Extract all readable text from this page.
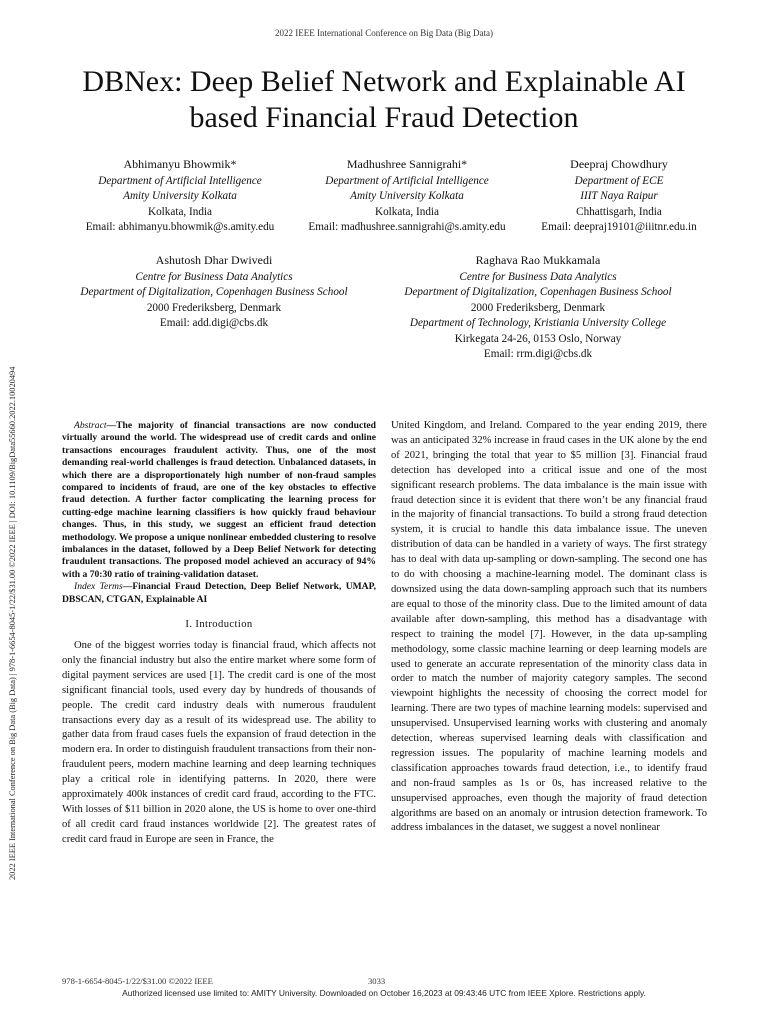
2022 IEEE International Conference on Big Data (Big Data)
2022 IEEE International Conference on Big Data (Big Data) | 978-1-6654-8045-1/22/$31.00 ©2022 IEEE | DOI: 10.1109/BigData55660.2022.10020494
DBNex: Deep Belief Network and Explainable AI
based Financial Fraud Detection
Abhimanyu Bhowmik*
Department of Artificial Intelligence
Amity University Kolkata
Kolkata, India
Email: abhimanyu.bhowmik@s.amity.edu
Madhushree Sannigrahi*
Department of Artificial Intelligence
Amity University Kolkata
Kolkata, India
Email: madhushree.sannigrahi@s.amity.edu
Deepraj Chowdhury
Department of ECE
IIIT Naya Raipur
Chhattisgarh, India
Email: deepraj19101@iiitnr.edu.in
Ashutosh Dhar Dwivedi
Centre for Business Data Analytics
Department of Digitalization, Copenhagen Business School
2000 Frederiksberg, Denmark
Email: add.digi@cbs.dk
Raghava Rao Mukkamala
Centre for Business Data Analytics
Department of Digitalization, Copenhagen Business School
2000 Frederiksberg, Denmark
Department of Technology, Kristiania University College
Kirkegata 24-26, 0153 Oslo, Norway
Email: rrm.digi@cbs.dk

Abstract—The majority of financial transactions are now conducted virtually around the world. The widespread use of credit cards and online transactions encourages fraudulent activity. Thus, one of the most demanding real-world challenges is fraud detection. Unbalanced datasets, in which there are a disproportionately high number of non-fraud samples compared to incidents of fraud, are one of the key obstacles to effective fraud detection. A further factor complicating the learning process for cutting-edge machine learning classifiers is how quickly fraud behaviour changes. Thus, in this study, we suggest an efficient fraud detection methodology. We propose a unique nonlinear embedded clustering to resolve imbalances in the dataset, followed by a Deep Belief Network for detecting fraudulent transactions. The proposed model achieved an accuracy of 94% with a 70:30 ratio of training-validation dataset.

Index Terms—Financial Fraud Detection, Deep Belief Network, UMAP, DBSCAN, CTGAN, Explainable AI

I. Introduction

One of the biggest worries today is financial fraud, which affects not only the financial industry but also the entire market where some form of digital payment services are used [1]. The credit card is one of the most significant financial tools, used every day by hundreds of thousands of people. The credit card industry deals with numerous fraudulent transactions every day as a result of its widespread use. The ability to gather data from fraud cases fuels the expansion of fraud detection in the modern era. In order to distinguish fraudulent transactions from their non-fraudulent peers, modern machine learning and deep learning techniques play a critical role in identifying patterns. In 2020, there were approximately 400k instances of credit card fraud, according to the FTC. With losses of $11 billion in 2020 alone, the US is home to over one-third of all credit card fraud instances worldwide [2]. The greatest rates of credit card fraud in Europe are seen in France, the

United Kingdom, and Ireland. Compared to the year ending 2019, there was an anticipated 32% increase in fraud cases in the UK alone by the end of 2021, bringing the total that year to $5 million [3]. Financial fraud detection has developed into a critical issue and one of the most significant research problems. The data imbalance is the main issue with fraud detection since it is evident that there won’t be any financial fraud in the majority of financial transactions. To build a strong fraud detection system, it is crucial to handle this data imbalance issue. The uneven distribution of data can be handled in a variety of ways. The first strategy has to deal with data up-sampling or down-sampling. The second one has to do with choosing a machine-learning model. The dominant class is downsized using the data down-sampling approach such that its numbers are equal to those of the minority class. Due to the limited amount of data available after down-sampling, this method has a disadvantage with respect to training the model [7]. However, in the data up-sampling methodology, some classic machine learning or deep learning models are used to generate an accurate representation of the minority class data in order to match the number of majority category samples. The second viewpoint highlights the necessity of choosing the correct model for learning. There are two types of machine learning models: supervised and unsupervised. Unsupervised learning works with clustering and anomaly detection, whereas supervised learning deals with classification and regression issues. The popularity of machine learning models and classification approaches towards fraud detection, i.e., to identify fraud and non-fraud samples as 1s or 0s, has increased relative to the unsupervised approaches, even though the majority of fraud detection algorithms are based on an anomaly or intrusion detection framework. To address imbalances in the dataset, we suggest a novel nonlinear

978-1-6654-8045-1/22/$31.00 ©2022 IEEE	3033
Authorized licensed use limited to: AMITY University. Downloaded on October 16,2023 at 09:43:46 UTC from IEEE Xplore. Restrictions apply.
